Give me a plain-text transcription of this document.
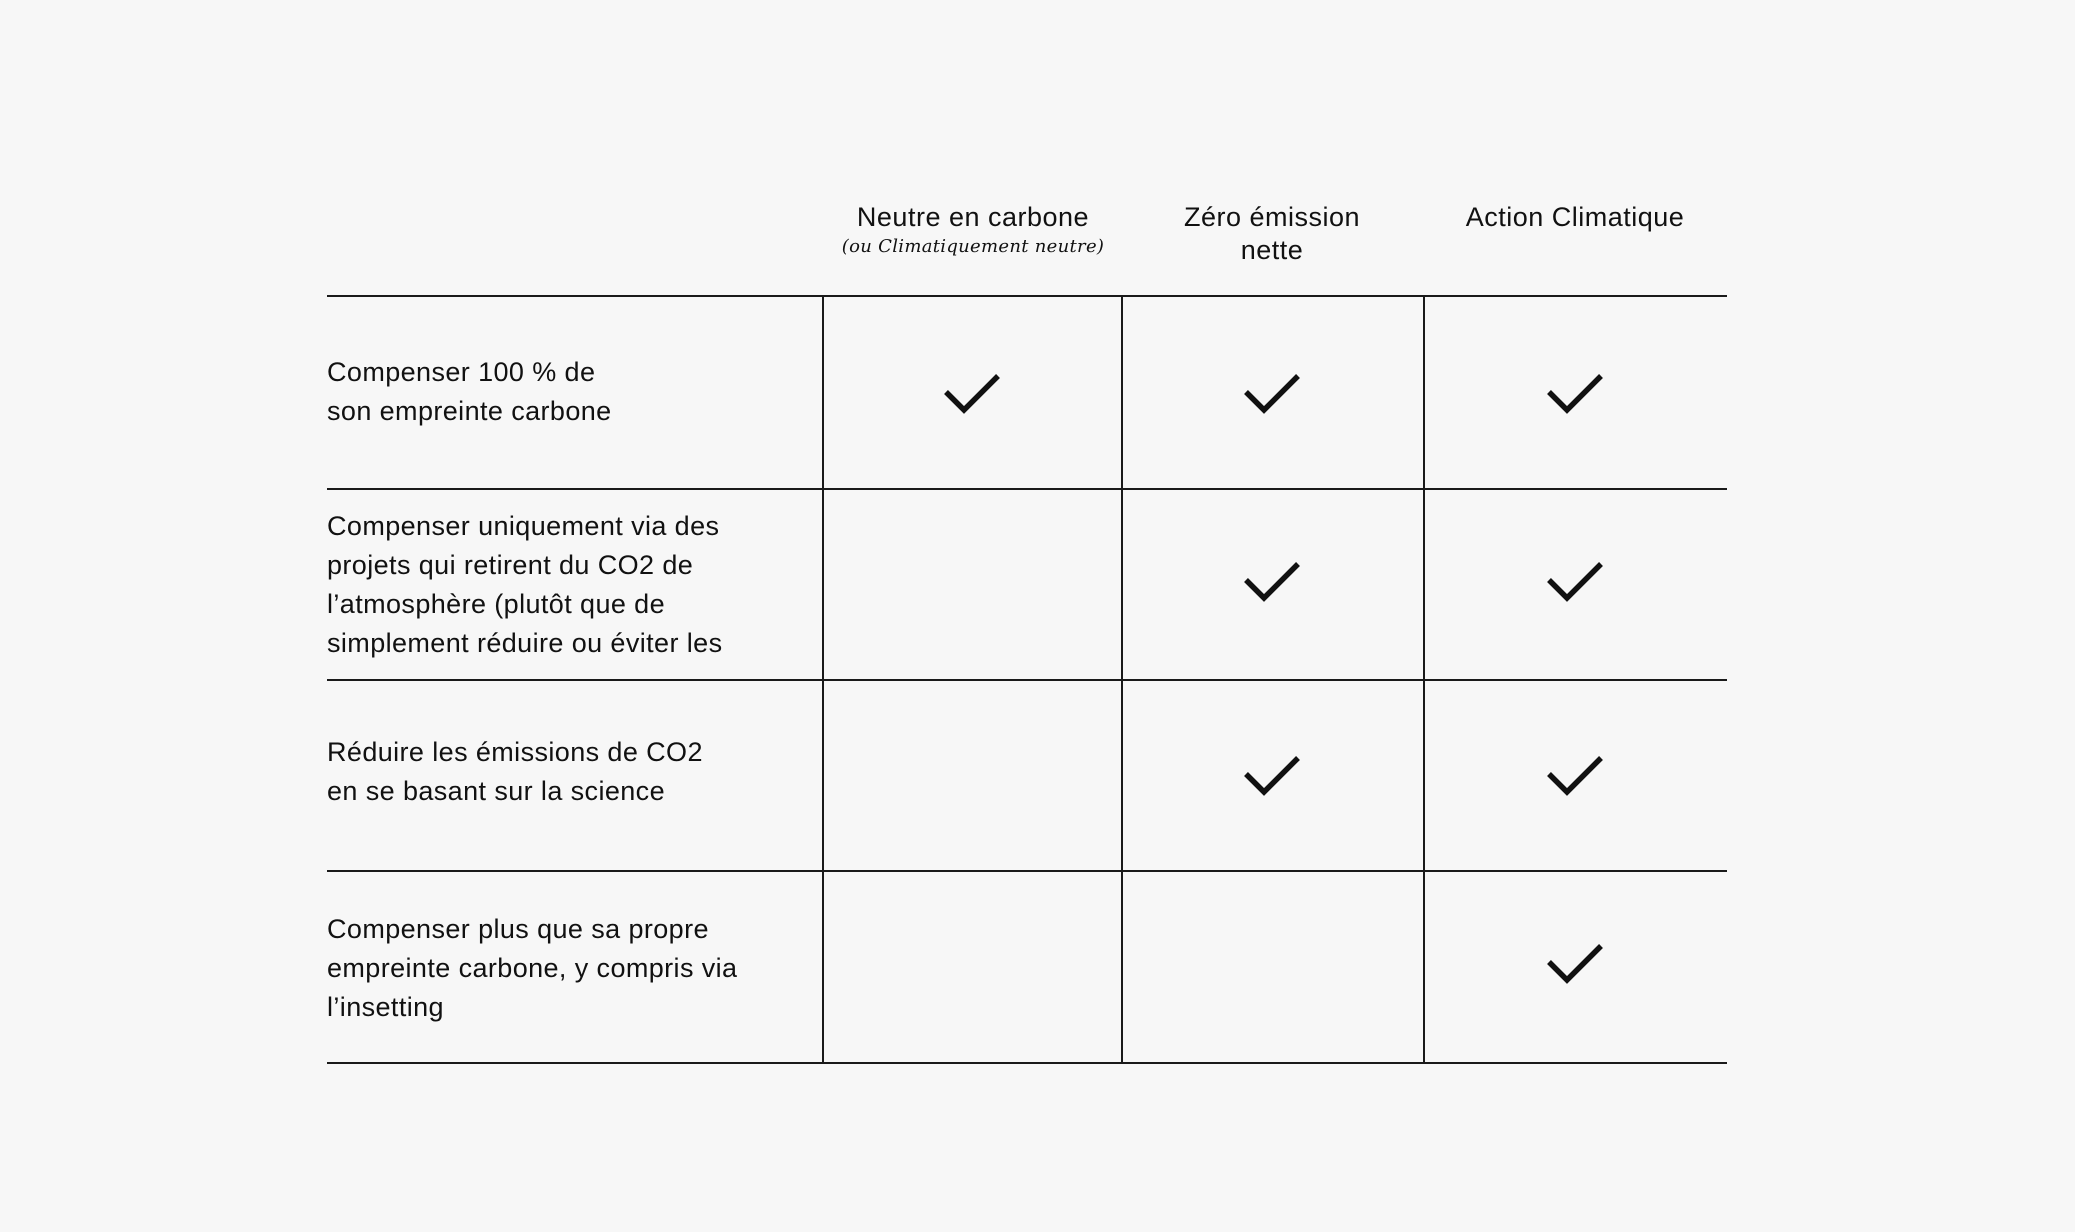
Neutre en carbone
(ou Climatiquement neutre)
Zéro émission
nette
Action Climatique
Compenser 100 % de
son empreinte carbone
Compenser uniquement via des
projets qui retirent du CO2 de
l’atmosphère (plutôt que de
simplement réduire ou éviter les
Réduire les émissions de CO2
en se basant sur la science
Compenser plus que sa propre
empreinte carbone, y compris via
l’insetting
